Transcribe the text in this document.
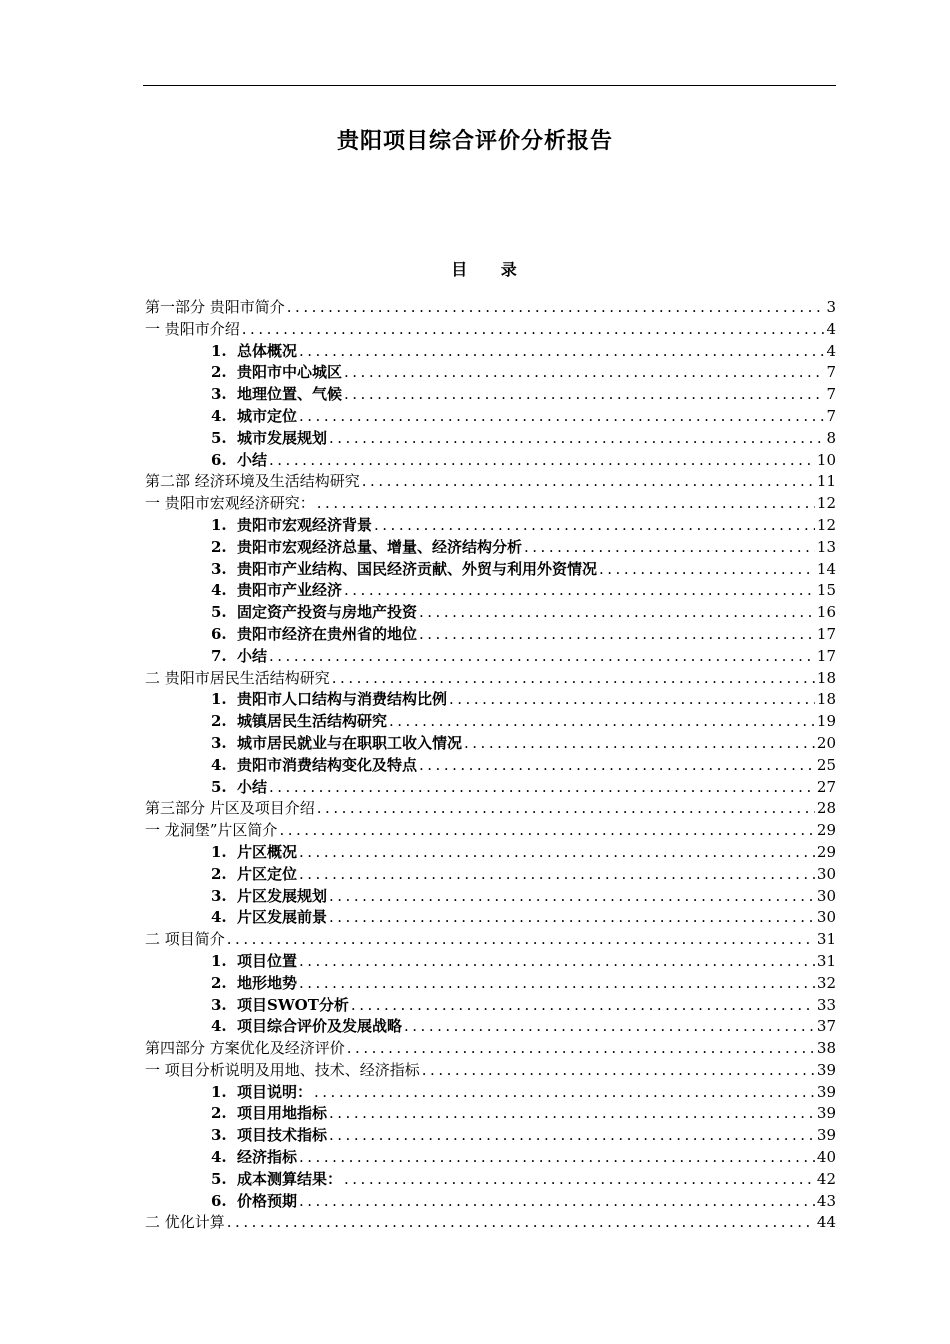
贵阳项目综合评价分析报告
目 录
第一部分 贵阳市简介 .....	3
一 贵阳市介绍 .....	4
1. 总体概况 .....	4
2. 贵阳市中心城区 .....	7
3. 地理位置、气候 .....	7
4. 城市定位 .....	7
5. 城市发展规划 .....	8
6. 小结 .....	10
第二部 经济环境及生活结构研究 .....	11
一 贵阳市宏观经济研究： .....	12
1. 贵阳市宏观经济背景 .....	12
2. 贵阳市宏观经济总量、增量、经济结构分析 .....	13
3. 贵阳市产业结构、国民经济贡献、外贸与利用外资情况 .....	14
4. 贵阳市产业经济 .....	15
5. 固定资产投资与房地产投资 .....	16
6. 贵阳市经济在贵州省的地位 .....	17
7. 小结 .....	17
二 贵阳市居民生活结构研究 .....	18
1. 贵阳市人口结构与消费结构比例 .....	18
2. 城镇居民生活结构研究 .....	19
3. 城市居民就业与在职职工收入情况 .....	20
4. 贵阳市消费结构变化及特点 .....	25
5. 小结 .....	27
第三部分 片区及项目介绍 .....	28
一 龙洞堡”片区简介 .....	29
1. 片区概况 .....	29
2. 片区定位 .....	30
3. 片区发展规划 .....	30
4. 片区发展前景 .....	30
二 项目简介 .....	31
1. 项目位置 .....	31
2. 地形地势 .....	32
3. 项目SWOT分析 .....	33
4. 项目综合评价及发展战略 .....	37
第四部分 方案优化及经济评价 .....	38
一 项目分析说明及用地、技术、经济指标 .....	39
1. 项目说明： .....	39
2. 项目用地指标 .....	39
3. 项目技术指标 .....	39
4. 经济指标 .....	40
5. 成本测算结果： .....	42
6. 价格预期 .....	43
二 优化计算 .....	44
